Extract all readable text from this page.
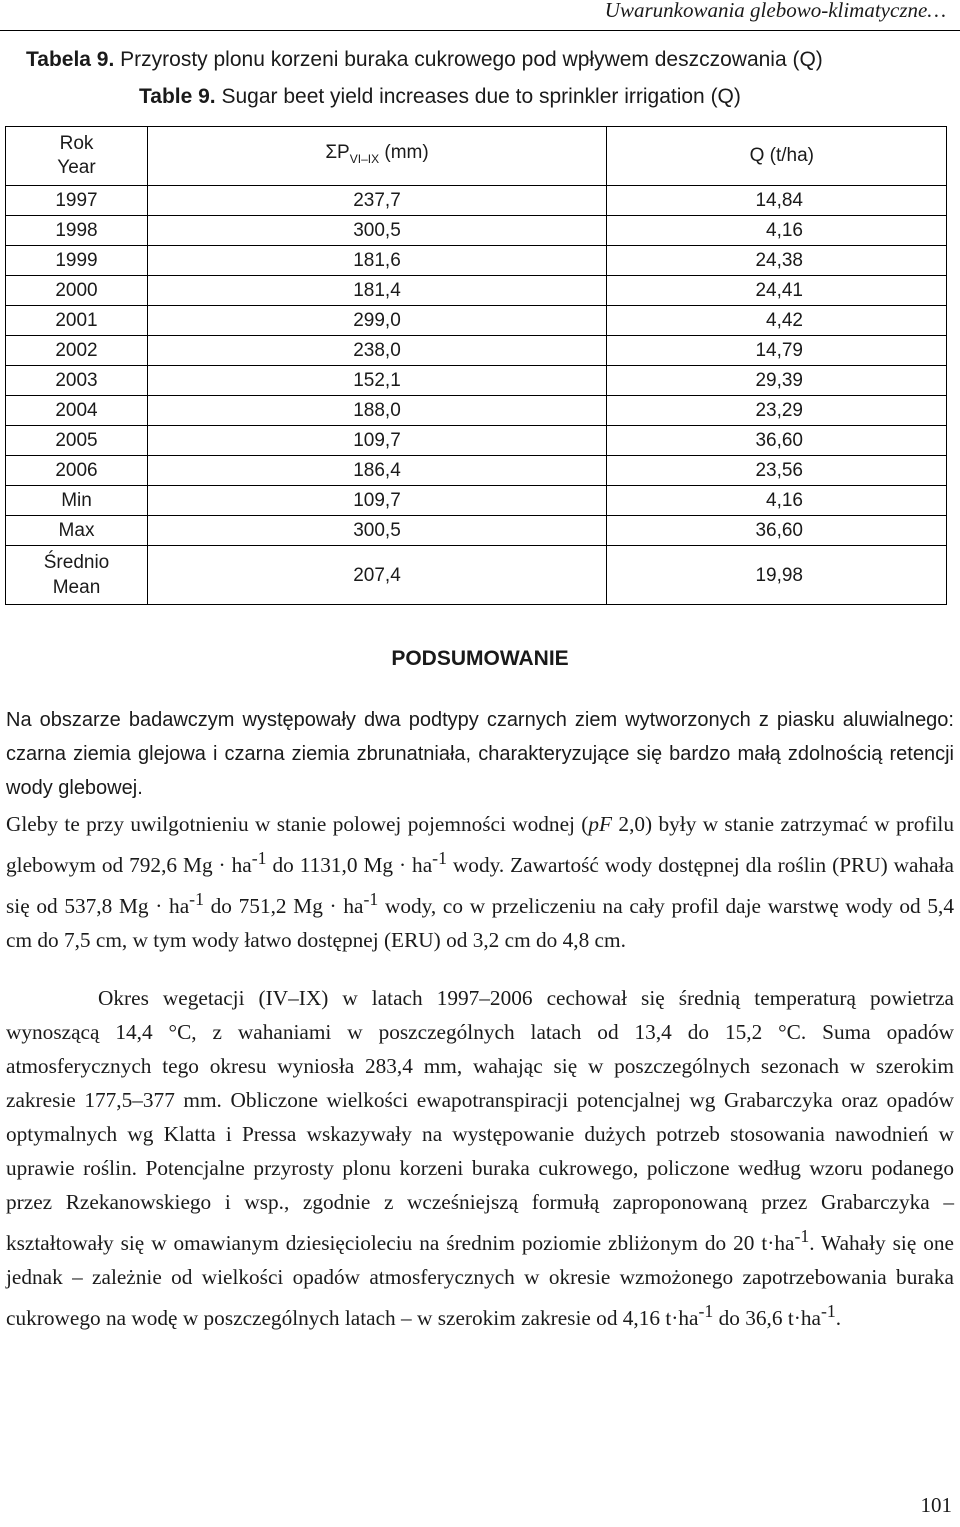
Uwarunkowania glebowo-klimatyczne…
Tabela 9. Przyrosty plonu korzeni buraka cukrowego pod wpływem deszczowania (Q)
Table 9. Sugar beet yield increases due to sprinkler irrigation (Q)
Rok
Year	$\Sigma P_{VI-IX}$ (mm)	Q (t/ha)
1997	237,7	14,84
1998	300,5	4,16
1999	181,6	24,38
2000	181,4	24,41
2001	299,0	4,42
2002	238,0	14,79
2003	152,1	29,39
2004	188,0	23,29
2005	109,7	36,60
2006	186,4	23,56
Min	109,7	4,16
Max	300,5	36,60
Średnio
Mean	207,4	19,98
PODSUMOWANIE

Na obszarze badawczym występowały dwa podtypy czarnych ziem wytworzonych z piasku aluwialnego: czarna ziemia glejowa i czarna ziemia zbrunatniała, charakteryzujące się bardzo małą zdolnością retencji wody glebowej.

Gleby te przy uwilgotnieniu w stanie polowej pojemności wodnej (pF 2,0) były w stanie zatrzymać w profilu glebowym od 792,6 $Mg \cdot ha^{-1}$ do 1131,0 $Mg \cdot ha^{-1}$ wody. Zawartość wody dostępnej dla roślin (PRU) wahała się od 537,8 $Mg \cdot ha^{-1}$ do 751,2 $Mg \cdot ha^{-1}$ wody, co w przeliczeniu na cały profil daje warstwę wody od 5,4 cm do 7,5 cm, w tym wody łatwo dostępnej (ERU) od 3,2 cm do 4,8 cm.

Okres wegetacji (IV–IX) w latach 1997–2006 cechował się średnią temperaturą powietrza wynoszącą 14,4 °C, z wahaniami w poszczególnych latach od 13,4 do 15,2 °C. Suma opadów atmosferycznych tego okresu wyniosła 283,4 mm, wahając się w poszczególnych sezonach w szerokim zakresie 177,5–377 mm. Obliczone wielkości ewapotranspiracji potencjalnej wg Grabarczyka oraz opadów optymalnych wg Klatta i Pressa wskazywały na występowanie dużych potrzeb stosowania nawodnień w uprawie roślin. Potencjalne przyrosty plonu korzeni buraka cukrowego, policzone według wzoru podanego przez Rzekanowskiego i wsp., zgodnie z wcześniejszą formułą zaproponowaną przez Grabarczyka – kształtowały się w omawianym dziesięcioleciu na średnim poziomie zbliżonym do 20 $t\cdot ha^{-1}$. Wahały się one jednak – zależnie od wielkości opadów atmosferycznych w okresie wzmożonego zapotrzebowania buraka cukrowego na wodę w poszczególnych latach – w szerokim zakresie od 4,16 $t\cdot ha^{-1}$ do 36,6 $t\cdot ha^{-1}$.

101
